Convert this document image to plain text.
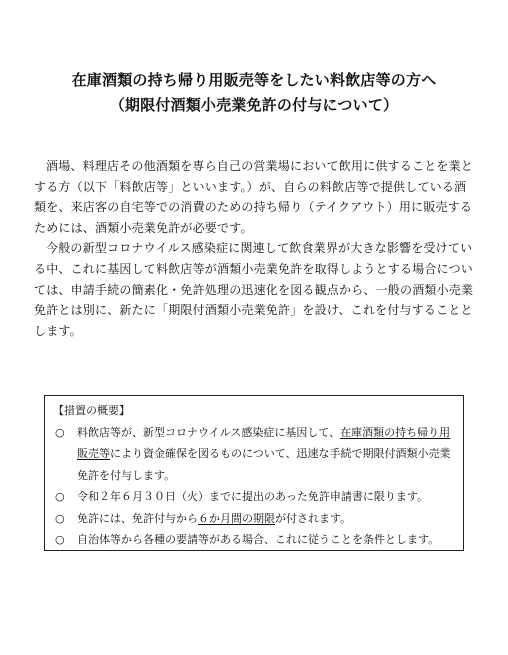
在庫酒類の持ち帰り用販売等をしたい料飲店等の方へ
（期限付酒類小売業免許の付与について）

酒場、料理店その他酒類を専ら自己の営業場において飲用に供することを業とする方（以下「料飲店等」といいます。）が、自らの料飲店等で提供している酒類を、来店客の自宅等での消費のための持ち帰り（テイクアウト）用に販売するためには、酒類小売業免許が必要です。

今般の新型コロナウイルス感染症に関連して飲食業界が大きな影響を受けている中、これに基因して料飲店等が酒類小売業免許を取得しようとする場合については、申請手続の簡素化・免許処理の迅速化を図る観点から、一般の酒類小売業免許とは別に、新たに「期限付酒類小売業免許」を設け、これを付与することとします。

【措置の概要】
○	料飲店等が、新型コロナウイルス感染症に基因して、在庫酒類の持ち帰り用販売等により資金確保を図るものについて、迅速な手続で期限付酒類小売業免許を付与します。
○	令和２年６月３０日（火）までに提出のあった免許申請書に限ります。
○	免許には、免許付与から６か月間の期限が付されます。
○	自治体等から各種の要請等がある場合、これに従うことを条件とします。
